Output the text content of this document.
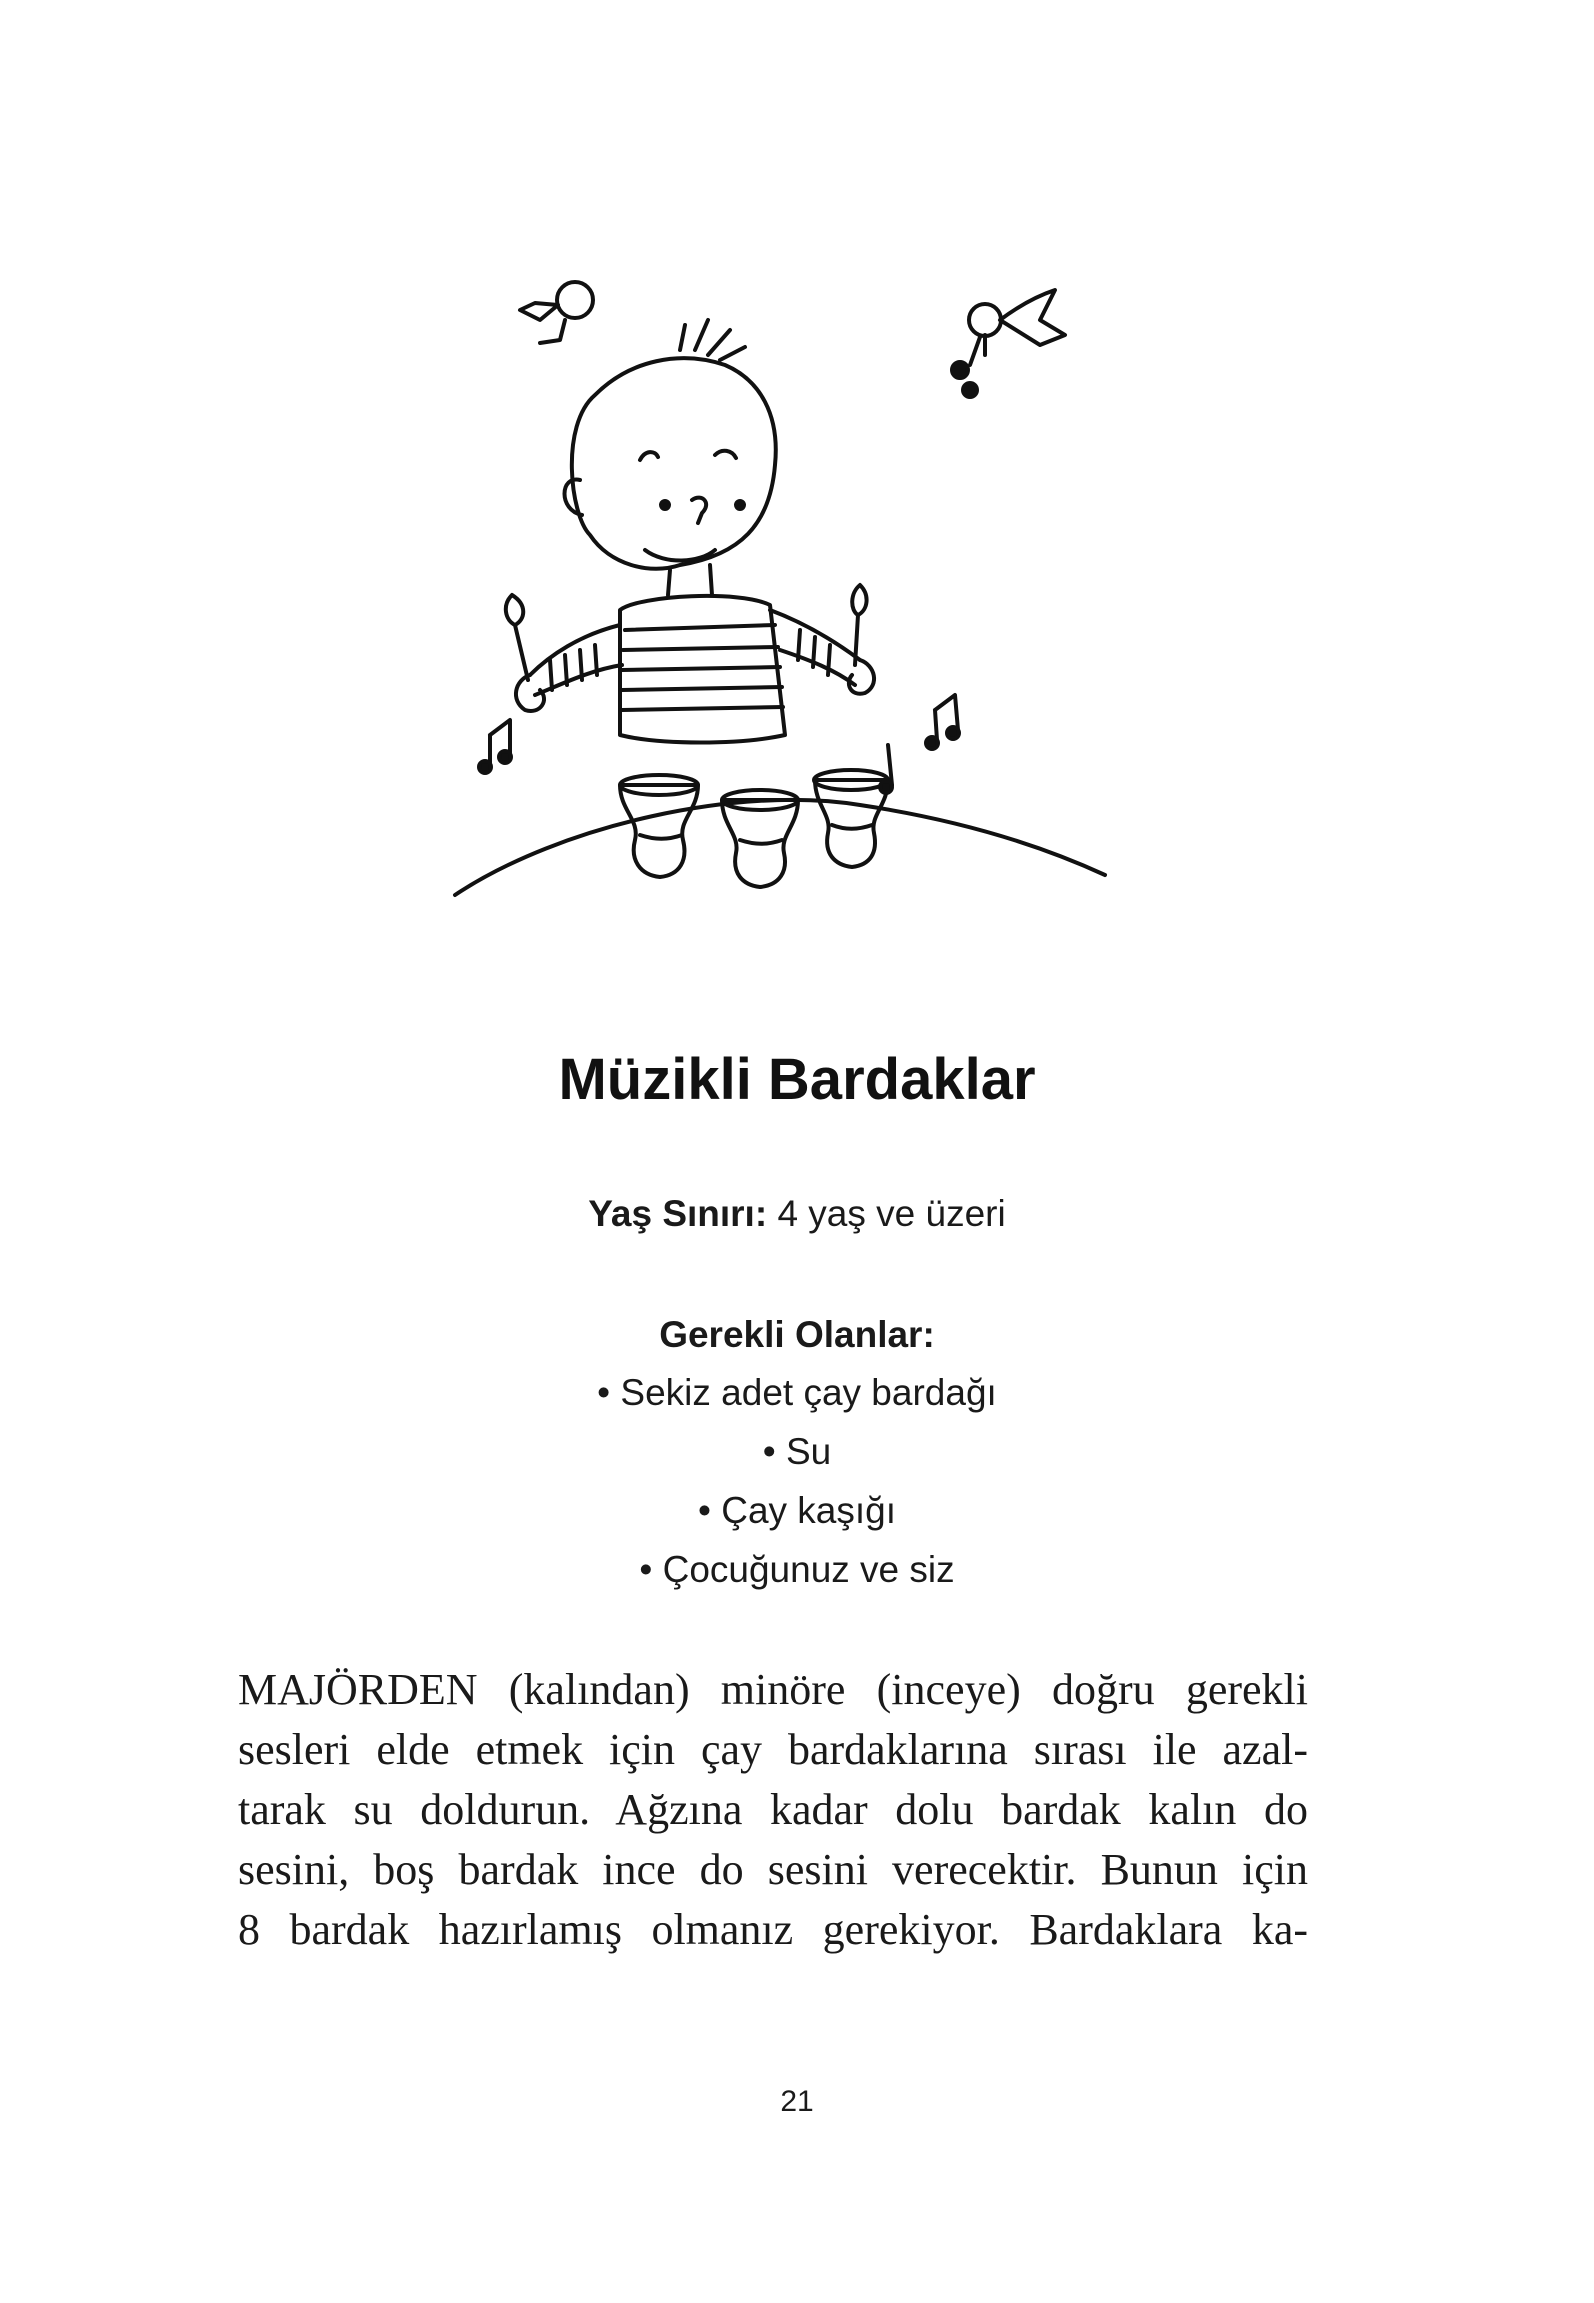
Müzikli Bardaklar
Yaş Sınırı: 4 yaş ve üzeri
Gerekli Olanlar:
• Sekiz adet çay bardağı
• Su
• Çay kaşığı
• Çocuğunuz ve siz
MAJÖRDEN (kalından) minöre (inceye) doğru gerekli
sesleri elde etmek için çay bardaklarına sırası ile azal-
tarak su doldurun. Ağzına kadar dolu bardak kalın do
sesini, boş bardak ince do sesini verecektir. Bunun için
8 bardak hazırlamış olmanız gerekiyor. Bardaklara ka-
21
